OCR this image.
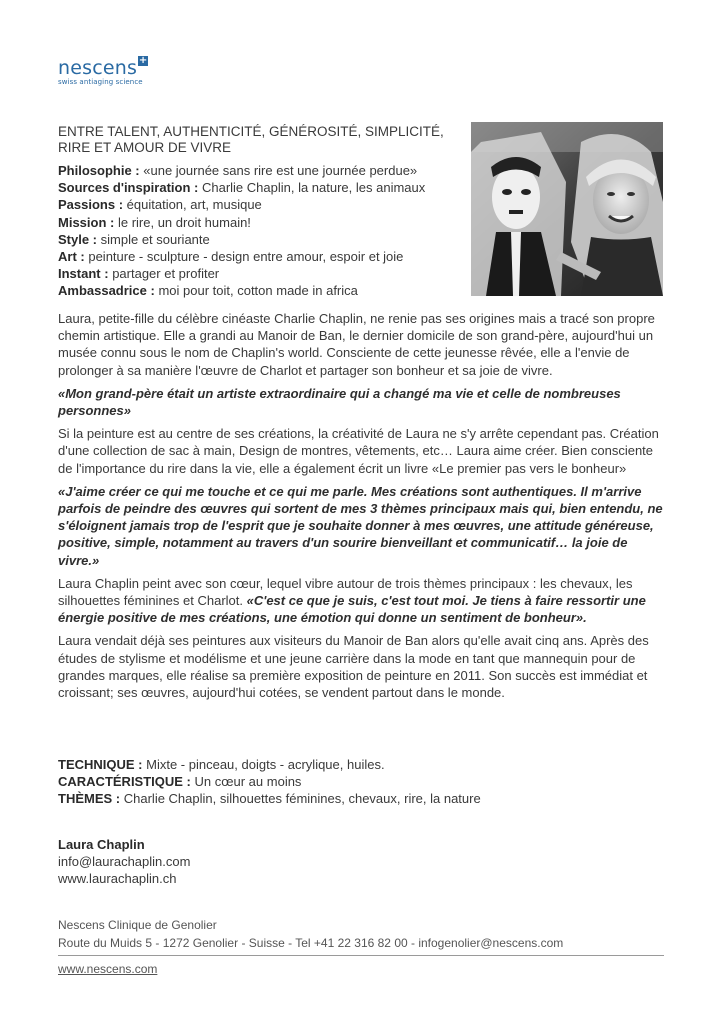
nescens +
swiss antiaging science
ENTRE TALENT, AUTHENTICITÉ, GÉNÉROSITÉ, SIMPLICITÉ, RIRE ET AMOUR DE VIVRE
Philosophie : «une journée sans rire est une journée perdue»
Sources d'inspiration : Charlie Chaplin, la nature, les animaux
Passions : équitation, art, musique
Mission : le rire, un droit humain!
Style : simple et souriante
Art : peinture - sculpture - design entre amour, espoir et joie
Instant : partager et profiter
Ambassadrice : moi pour toit, cotton made in africa

Laura, petite-fille du célèbre cinéaste Charlie Chaplin, ne renie pas ses origines mais a tracé son propre chemin artistique. Elle a grandi au Manoir de Ban, le dernier domicile de son grand-père, aujourd'hui un musée connu sous le nom de Chaplin's world. Consciente de cette jeunesse rêvée, elle a l'envie de prolonger à sa manière l'œuvre de Charlot et partager son bonheur et sa joie de vivre.

«Mon grand-père était un artiste extraordinaire qui a changé ma vie et celle de nombreuses personnes»

Si la peinture est au centre de ses créations, la créativité de Laura ne s'y arrête cependant pas. Création d'une collection de sac à main, Design de montres, vêtements, etc… Laura aime créer. Bien consciente de l'importance du rire dans la vie, elle a également écrit un livre «Le premier pas vers le bonheur»

«J'aime créer ce qui me touche et ce qui me parle. Mes créations sont authentiques. Il m'arrive parfois de peindre des œuvres qui sortent de mes 3 thèmes principaux mais qui, bien entendu, ne s'éloignent jamais trop de l'esprit que je souhaite donner à mes œuvres, une attitude généreuse, positive, simple, notamment au travers d'un sourire bienveillant et communicatif… la joie de vivre.»

Laura Chaplin peint avec son cœur, lequel vibre autour de trois thèmes principaux : les chevaux, les silhouettes féminines et Charlot. «C'est ce que je suis, c'est tout moi. Je tiens à faire ressortir une énergie positive de mes créations, une émotion qui donne un sentiment de bonheur».

Laura vendait déjà ses peintures aux visiteurs du Manoir de Ban alors qu'elle avait cinq ans. Après des études de stylisme et modélisme et une jeune carrière dans la mode en tant que mannequin pour de grandes marques, elle réalise sa première exposition de peinture en 2011. Son succès est immédiat et croissant; ses œuvres, aujourd'hui cotées, se vendent partout dans le monde.

TECHNIQUE : Mixte - pinceau, doigts - acrylique, huiles.
CARACTÉRISTIQUE : Un cœur au moins
THÈMES : Charlie Chaplin, silhouettes féminines, chevaux, rire, la nature
Laura Chaplin
info@laurachaplin.com
www.laurachaplin.ch
Nescens Clinique de Genolier
Route du Muids 5 - 1272 Genolier - Suisse - Tel +41 22 316 82 00 - infogenolier@nescens.com
www.nescens.com
